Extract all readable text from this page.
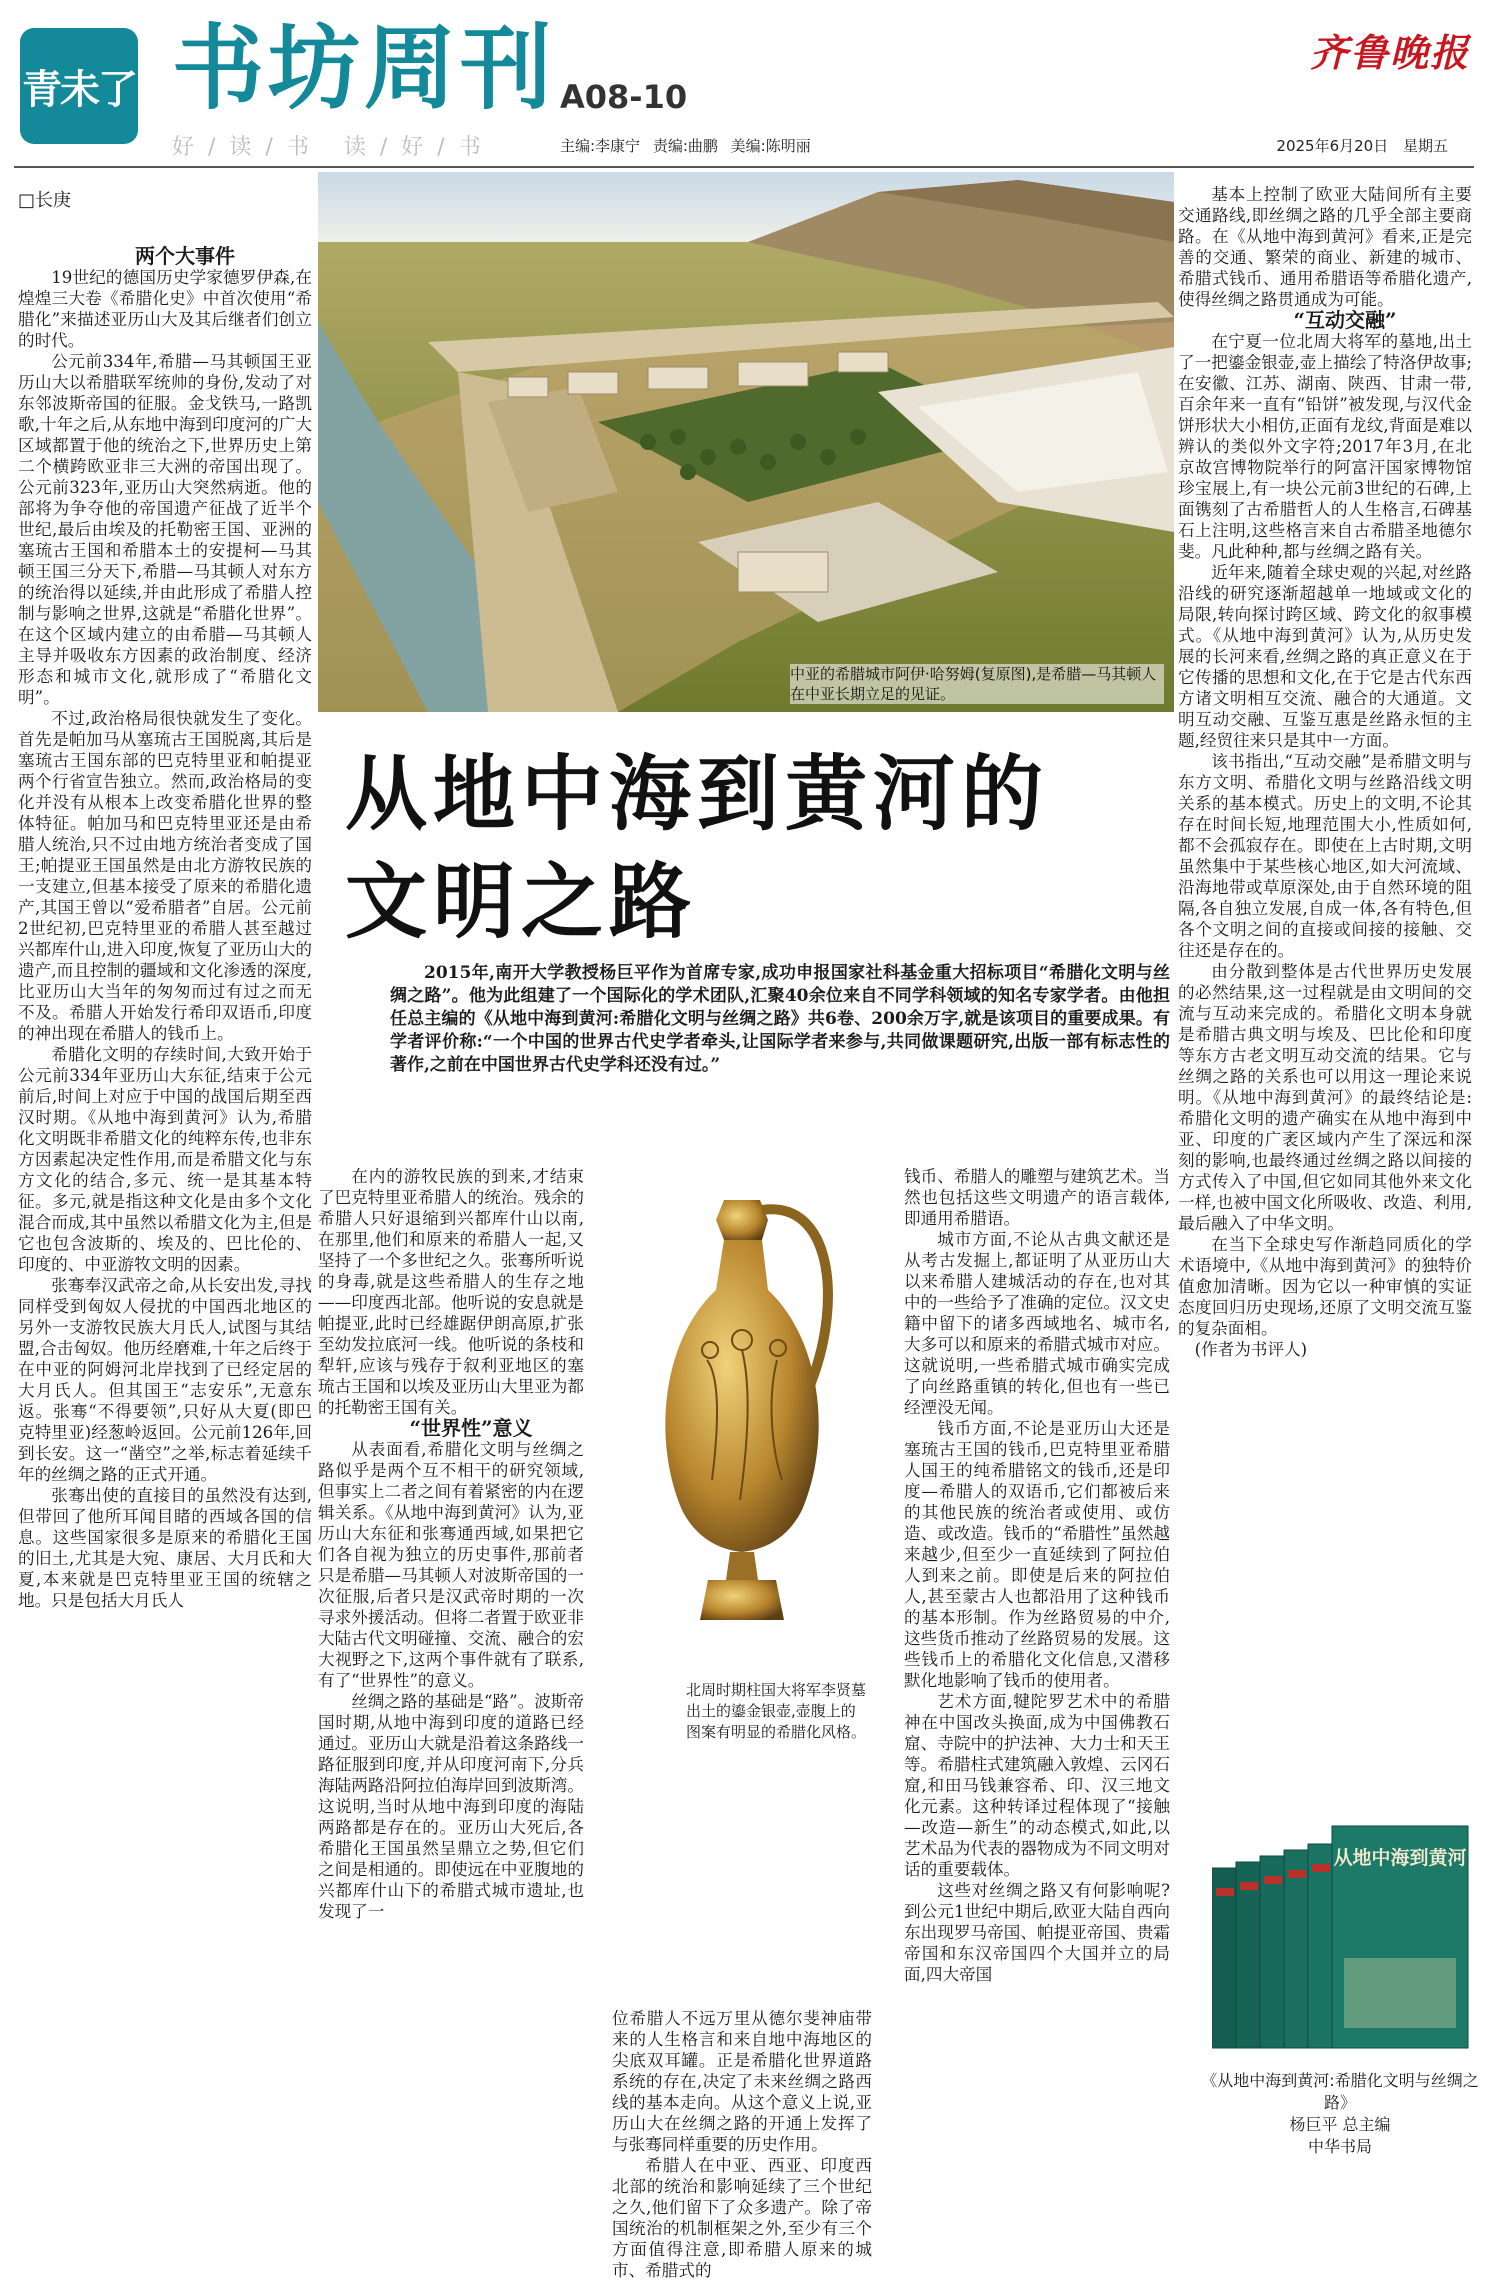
青未了 书坊周刊 A08-10
好/读/书 读/好/书	主编:李康宁 责编:曲鹏 美编:陈明丽
齐鲁晚报
2025年6月20日 星期五
□长庚

两个大事件

19世纪的德国历史学家德罗伊森,在煌煌三大卷《希腊化史》中首次使用“希腊化”来描述亚历山大及其后继者们创立的时代。

公元前334年,希腊—马其顿国王亚历山大以希腊联军统帅的身份,发动了对东邻波斯帝国的征服。金戈铁马,一路凯歌,十年之后,从东地中海到印度河的广大区域都置于他的统治之下,世界历史上第二个横跨欧亚非三大洲的帝国出现了。公元前323年,亚历山大突然病逝。他的部将为争夺他的帝国遗产征战了近半个世纪,最后由埃及的托勒密王国、亚洲的塞琉古王国和希腊本土的安提柯—马其顿王国三分天下,希腊—马其顿人对东方的统治得以延续,并由此形成了希腊人控制与影响之世界,这就是“希腊化世界”。在这个区域内建立的由希腊—马其顿人主导并吸收东方因素的政治制度、经济形态和城市文化,就形成了“希腊化文明”。

不过,政治格局很快就发生了变化。首先是帕加马从塞琉古王国脱离,其后是塞琉古王国东部的巴克特里亚和帕提亚两个行省宣告独立。然而,政治格局的变化并没有从根本上改变希腊化世界的整体特征。帕加马和巴克特里亚还是由希腊人统治,只不过由地方统治者变成了国王;帕提亚王国虽然是由北方游牧民族的一支建立,但基本接受了原来的希腊化遗产,其国王曾以“爱希腊者”自居。公元前2世纪初,巴克特里亚的希腊人甚至越过兴都库什山,进入印度,恢复了亚历山大的遗产,而且控制的疆域和文化渗透的深度,比亚历山大当年的匆匆而过有过之而无不及。希腊人开始发行希印双语币,印度的神出现在希腊人的钱币上。

希腊化文明的存续时间,大致开始于公元前334年亚历山大东征,结束于公元前后,时间上对应于中国的战国后期至西汉时期。《从地中海到黄河》认为,希腊化文明既非希腊文化的纯粹东传,也非东方因素起决定性作用,而是希腊文化与东方文化的结合,多元、统一是其基本特征。多元,就是指这种文化是由多个文化混合而成,其中虽然以希腊文化为主,但是它也包含波斯的、埃及的、巴比伦的、印度的、中亚游牧文明的因素。

张骞奉汉武帝之命,从长安出发,寻找同样受到匈奴人侵扰的中国西北地区的另外一支游牧民族大月氏人,试图与其结盟,合击匈奴。他历经磨难,十年之后终于在中亚的阿姆河北岸找到了已经定居的大月氏人。但其国王“志安乐”,无意东返。张骞“不得要领”,只好从大夏(即巴克特里亚)经葱岭返回。公元前126年,回到长安。这一“凿空”之举,标志着延续千年的丝绸之路的正式开通。

张骞出使的直接目的虽然没有达到,但带回了他所耳闻目睹的西域各国的信息。这些国家很多是原来的希腊化王国的旧土,尤其是大宛、康居、大月氏和大夏,本来就是巴克特里亚王国的统辖之地。只是包括大月氏人

中亚的希腊城市阿伊·哈努姆(复原图),是希腊—马其顿人在中亚长期立足的见证。
从地中海到黄河的
文明之路
2015年,南开大学教授杨巨平作为首席专家,成功申报国家社科基金重大招标项目“希腊化文明与丝绸之路”。他为此组建了一个国际化的学术团队,汇聚40余位来自不同学科领域的知名专家学者。由他担任总主编的《从地中海到黄河:希腊化文明与丝绸之路》共6卷、200余万字,就是该项目的重要成果。有学者评价称:“一个中国的世界古代史学者牵头,让国际学者来参与,共同做课题研究,出版一部有标志性的著作,之前在中国世界古代史学科还没有过。”

在内的游牧民族的到来,才结束了巴克特里亚希腊人的统治。残余的希腊人只好退缩到兴都库什山以南,在那里,他们和原来的希腊人一起,又坚持了一个多世纪之久。张骞所听说的身毒,就是这些希腊人的生存之地——印度西北部。他听说的安息就是帕提亚,此时已经雄踞伊朗高原,扩张至幼发拉底河一线。他听说的条枝和犁轩,应该与残存于叙利亚地区的塞琉古王国和以埃及亚历山大里亚为都的托勒密王国有关。

“世界性”意义

从表面看,希腊化文明与丝绸之路似乎是两个互不相干的研究领域,但事实上二者之间有着紧密的内在逻辑关系。《从地中海到黄河》认为,亚历山大东征和张骞通西域,如果把它们各自视为独立的历史事件,那前者只是希腊—马其顿人对波斯帝国的一次征服,后者只是汉武帝时期的一次寻求外援活动。但将二者置于欧亚非大陆古代文明碰撞、交流、融合的宏大视野之下,这两个事件就有了联系,有了“世界性”的意义。

丝绸之路的基础是“路”。波斯帝国时期,从地中海到印度的道路已经通过。亚历山大就是沿着这条路线一路征服到印度,并从印度河南下,分兵海陆两路沿阿拉伯海岸回到波斯湾。这说明,当时从地中海到印度的海陆两路都是存在的。亚历山大死后,各希腊化王国虽然呈鼎立之势,但它们之间是相通的。即使远在中亚腹地的兴都库什山下的希腊式城市遗址,也发现了一

北周时期柱国大将军李贤墓出土的鎏金银壶,壶腹上的图案有明显的希腊化风格。

位希腊人不远万里从德尔斐神庙带来的人生格言和来自地中海地区的尖底双耳罐。正是希腊化世界道路系统的存在,决定了未来丝绸之路西线的基本走向。从这个意义上说,亚历山大在丝绸之路的开通上发挥了与张骞同样重要的历史作用。

希腊人在中亚、西亚、印度西北部的统治和影响延续了三个世纪之久,他们留下了众多遗产。除了帝国统治的机制框架之外,至少有三个方面值得注意,即希腊人原来的城市、希腊式的

钱币、希腊人的雕塑与建筑艺术。当然也包括这些文明遗产的语言载体,即通用希腊语。

城市方面,不论从古典文献还是从考古发掘上,都证明了从亚历山大以来希腊人建城活动的存在,也对其中的一些给予了准确的定位。汉文史籍中留下的诸多西域地名、城市名,大多可以和原来的希腊式城市对应。这就说明,一些希腊式城市确实完成了向丝路重镇的转化,但也有一些已经湮没无闻。

钱币方面,不论是亚历山大还是塞琉古王国的钱币,巴克特里亚希腊人国王的纯希腊铭文的钱币,还是印度—希腊人的双语币,它们都被后来的其他民族的统治者或使用、或仿造、或改造。钱币的“希腊性”虽然越来越少,但至少一直延续到了阿拉伯人到来之前。即使是后来的阿拉伯人,甚至蒙古人也都沿用了这种钱币的基本形制。作为丝路贸易的中介,这些货币推动了丝路贸易的发展。这些钱币上的希腊化文化信息,又潜移默化地影响了钱币的使用者。

艺术方面,犍陀罗艺术中的希腊神在中国改头换面,成为中国佛教石窟、寺院中的护法神、大力士和天王等。希腊柱式建筑融入敦煌、云冈石窟,和田马钱兼容希、印、汉三地文化元素。这种转译过程体现了“接触—改造—新生”的动态模式,如此,以艺术品为代表的器物成为不同文明对话的重要载体。

这些对丝绸之路又有何影响呢?到公元1世纪中期后,欧亚大陆自西向东出现罗马帝国、帕提亚帝国、贵霜帝国和东汉帝国四个大国并立的局面,四大帝国

基本上控制了欧亚大陆间所有主要交通路线,即丝绸之路的几乎全部主要商路。在《从地中海到黄河》看来,正是完善的交通、繁荣的商业、新建的城市、希腊式钱币、通用希腊语等希腊化遗产,使得丝绸之路贯通成为可能。

“互动交融”

在宁夏一位北周大将军的墓地,出土了一把鎏金银壶,壶上描绘了特洛伊故事;在安徽、江苏、湖南、陕西、甘肃一带,百余年来一直有“铅饼”被发现,与汉代金饼形状大小相仿,正面有龙纹,背面是难以辨认的类似外文字符;2017年3月,在北京故宫博物院举行的阿富汗国家博物馆珍宝展上,有一块公元前3世纪的石碑,上面镌刻了古希腊哲人的人生格言,石碑基石上注明,这些格言来自古希腊圣地德尔斐。凡此种种,都与丝绸之路有关。

近年来,随着全球史观的兴起,对丝路沿线的研究逐渐超越单一地域或文化的局限,转向探讨跨区域、跨文化的叙事模式。《从地中海到黄河》认为,从历史发展的长河来看,丝绸之路的真正意义在于它传播的思想和文化,在于它是古代东西方诸文明相互交流、融合的大通道。文明互动交融、互鉴互惠是丝路永恒的主题,经贸往来只是其中一方面。

该书指出,“互动交融”是希腊文明与东方文明、希腊化文明与丝路沿线文明关系的基本模式。历史上的文明,不论其存在时间长短,地理范围大小,性质如何,都不会孤寂存在。即使在上古时期,文明虽然集中于某些核心地区,如大河流域、沿海地带或草原深处,由于自然环境的阻隔,各自独立发展,自成一体,各有特色,但各个文明之间的直接或间接的接触、交往还是存在的。

由分散到整体是古代世界历史发展的必然结果,这一过程就是由文明间的交流与互动来完成的。希腊化文明本身就是希腊古典文明与埃及、巴比伦和印度等东方古老文明互动交流的结果。它与丝绸之路的关系也可以用这一理论来说明。《从地中海到黄河》的最终结论是:希腊化文明的遗产确实在从地中海到中亚、印度的广袤区域内产生了深远和深刻的影响,也最终通过丝绸之路以间接的方式传入了中国,但它如同其他外来文化一样,也被中国文化所吸收、改造、利用,最后融入了中华文明。

在当下全球史写作渐趋同质化的学术语境中,《从地中海到黄河》的独特价值愈加清晰。因为它以一种审慎的实证态度回归历史现场,还原了文明交流互鉴的复杂面相。

(作者为书评人)

从地中海到黄河
《从地中海到黄河:希腊化文明与丝绸之路》
杨巨平 总主编
中华书局
